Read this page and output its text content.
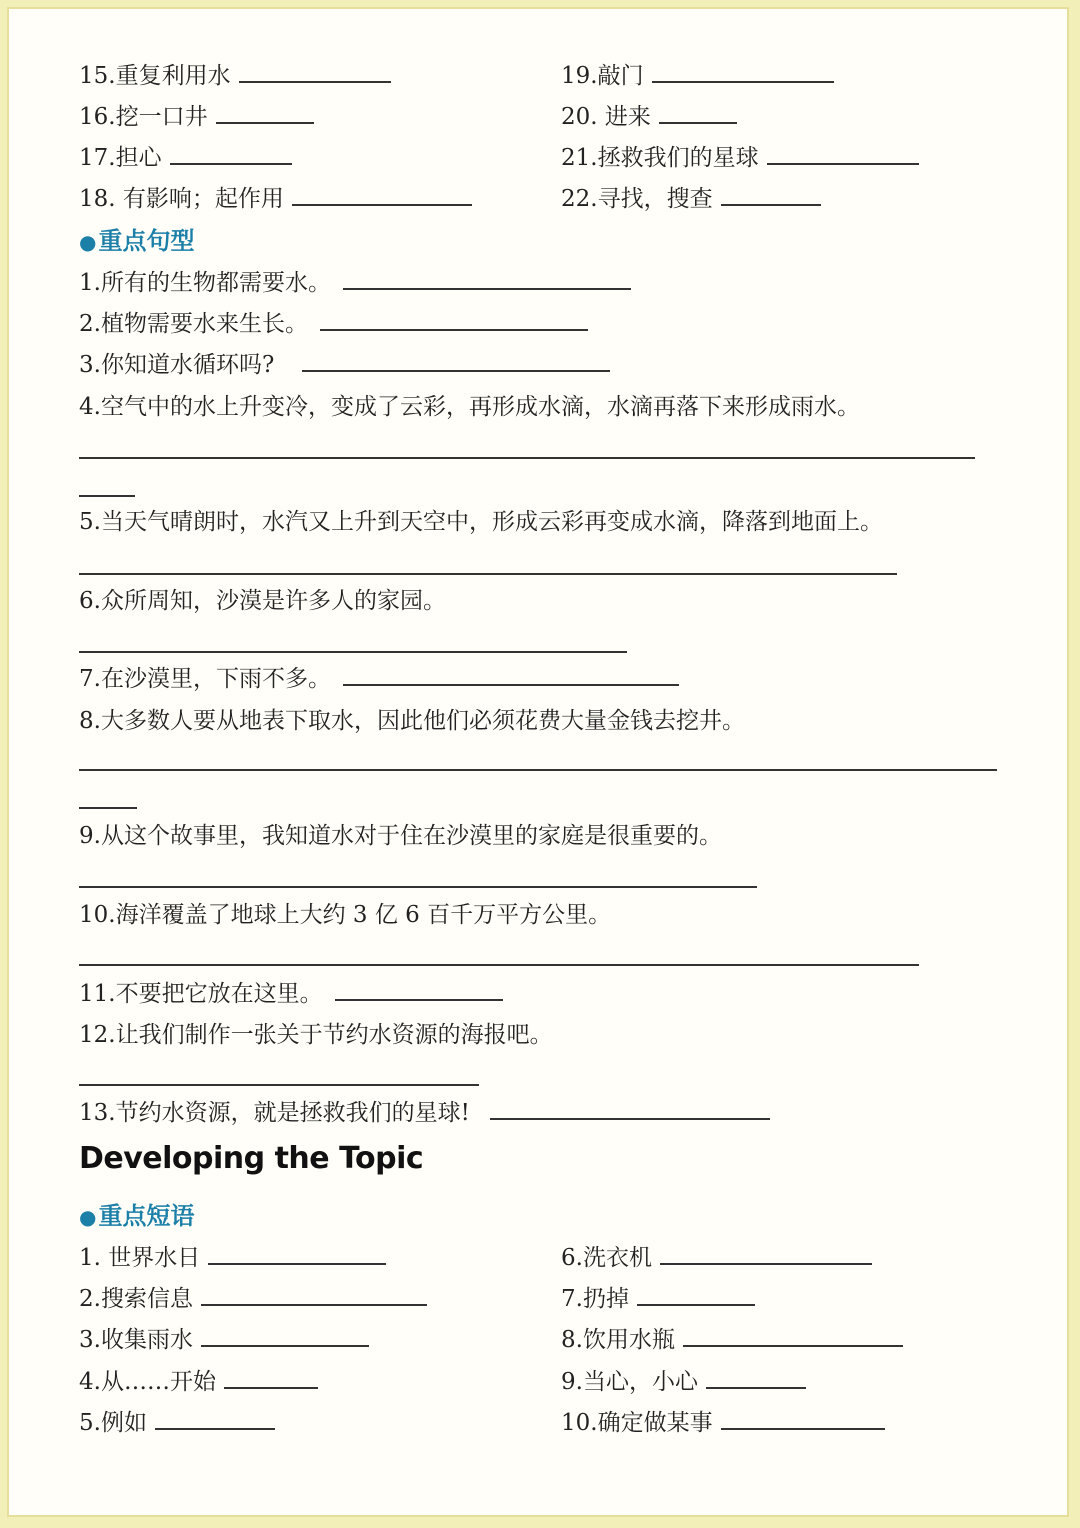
15.重复利用水
16.挖一口井
17.担心
18. 有影响；起作用
19.敲门
20. 进来
21.拯救我们的星球
22.寻找，搜查
●重点句型
1.所有的生物都需要水。
2.植物需要水来生长。
3.你知道水循环吗?
4.空气中的水上升变冷，变成了云彩，再形成水滴，水滴再落下来形成雨水。
5.当天气晴朗时，水汽又上升到天空中，形成云彩再变成水滴，降落到地面上。
6.众所周知，沙漠是许多人的家园。
7.在沙漠里，下雨不多。
8.大多数人要从地表下取水，因此他们必须花费大量金钱去挖井。
9.从这个故事里，我知道水对于住在沙漠里的家庭是很重要的。
10.海洋覆盖了地球上大约 3 亿 6 百千万平方公里。
11.不要把它放在这里。
12.让我们制作一张关于节约水资源的海报吧。
13.节约水资源，就是拯救我们的星球!
Developing the Topic
●重点短语
1. 世界水日
2.搜索信息
3.收集雨水
4.从……开始
5.例如
6.洗衣机
7.扔掉
8.饮用水瓶
9.当心，小心
10.确定做某事
